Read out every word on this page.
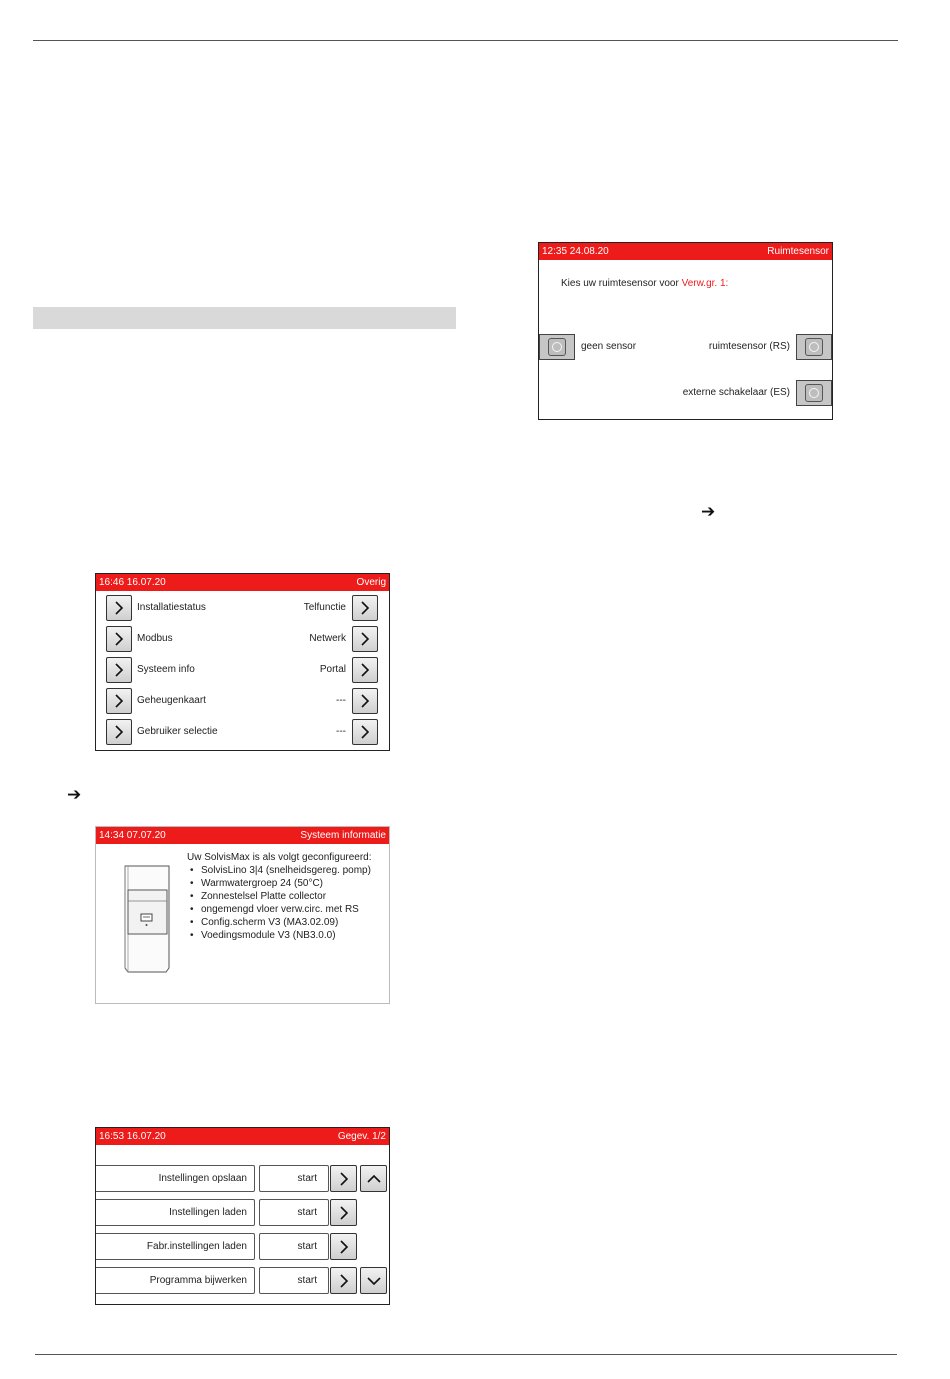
➔
➔
12:35 24.08.20	Ruimtesensor
Kies uw ruimtesensor voor Verw.gr. 1:
geen sensor	ruimtesensor (RS)
externe schakelaar (ES)
16:46 16.07.20	Overig
Installatiestatus	Telfunctie
Modbus	Netwerk
Systeem info	Portal
Geheugenkaart	---
Gebruiker selectie	---
14:34 07.07.20	Systeem informatie
Uw SolvisMax is als volgt geconfigureerd:
• SolvisLino 3|4 (snelheidsgereg. pomp)
• Warmwatergroep 24 (50°C)
• Zonnestelsel Platte collector
• ongemengd vloer verw.circ. met RS
• Config.scherm V3 (MA3.02.09)
• Voedingsmodule V3 (NB3.0.0)
16:53 16.07.20	Gegev. 1/2
Instellingen opslaan	start
Instellingen laden	start
Fabr.instellingen laden	start
Programma bijwerken	start
